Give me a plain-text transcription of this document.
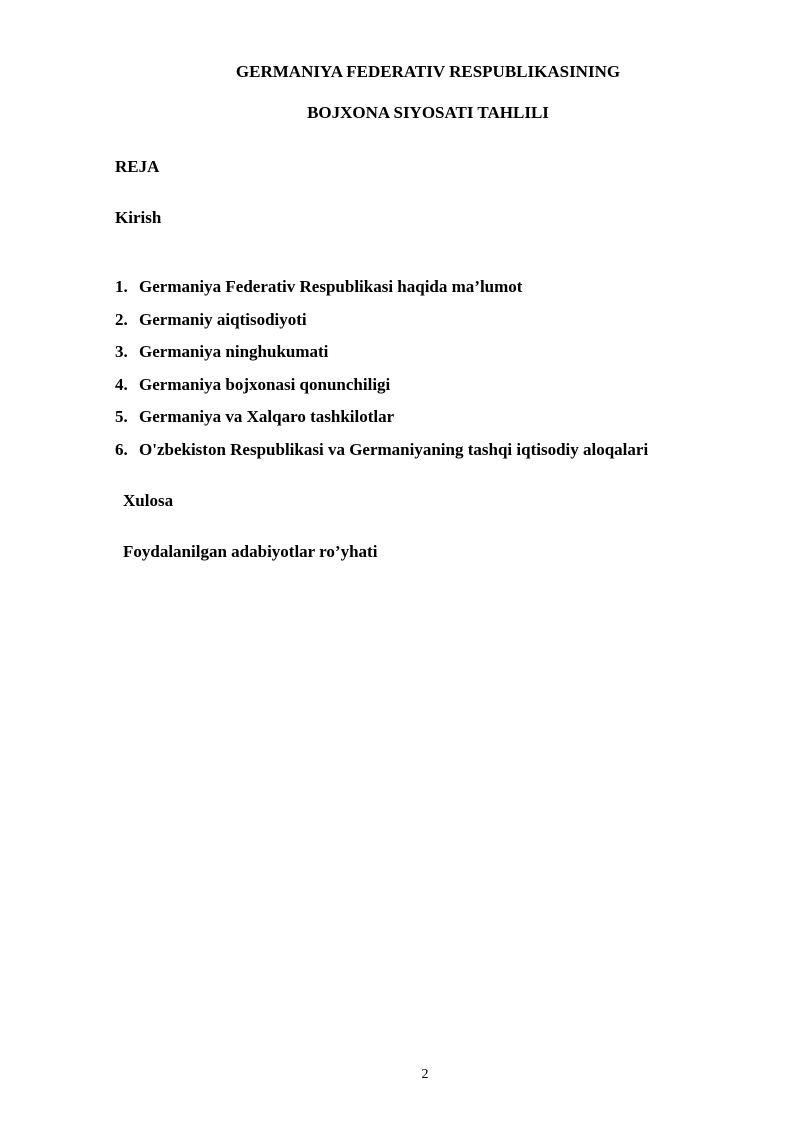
GERMANIYA FEDERATIV RESPUBLIKASINING
BOJXONA SIYOSATI TAHLILI
REJA
Kirish
1. Germaniya Federativ Respublikasi haqida ma’lumot
2. Germaniy aiqtisodiyoti
3. Germaniya ninghukumati
4. Germaniya bojxonasi qonunchiligi
5. Germaniya va Xalqaro tashkilotlar
6. O'zbekiston Respublikasi va Germaniyaning tashqi iqtisodiy aloqalari
Xulosa
Foydalanilgan adabiyotlar ro’yhati
2
